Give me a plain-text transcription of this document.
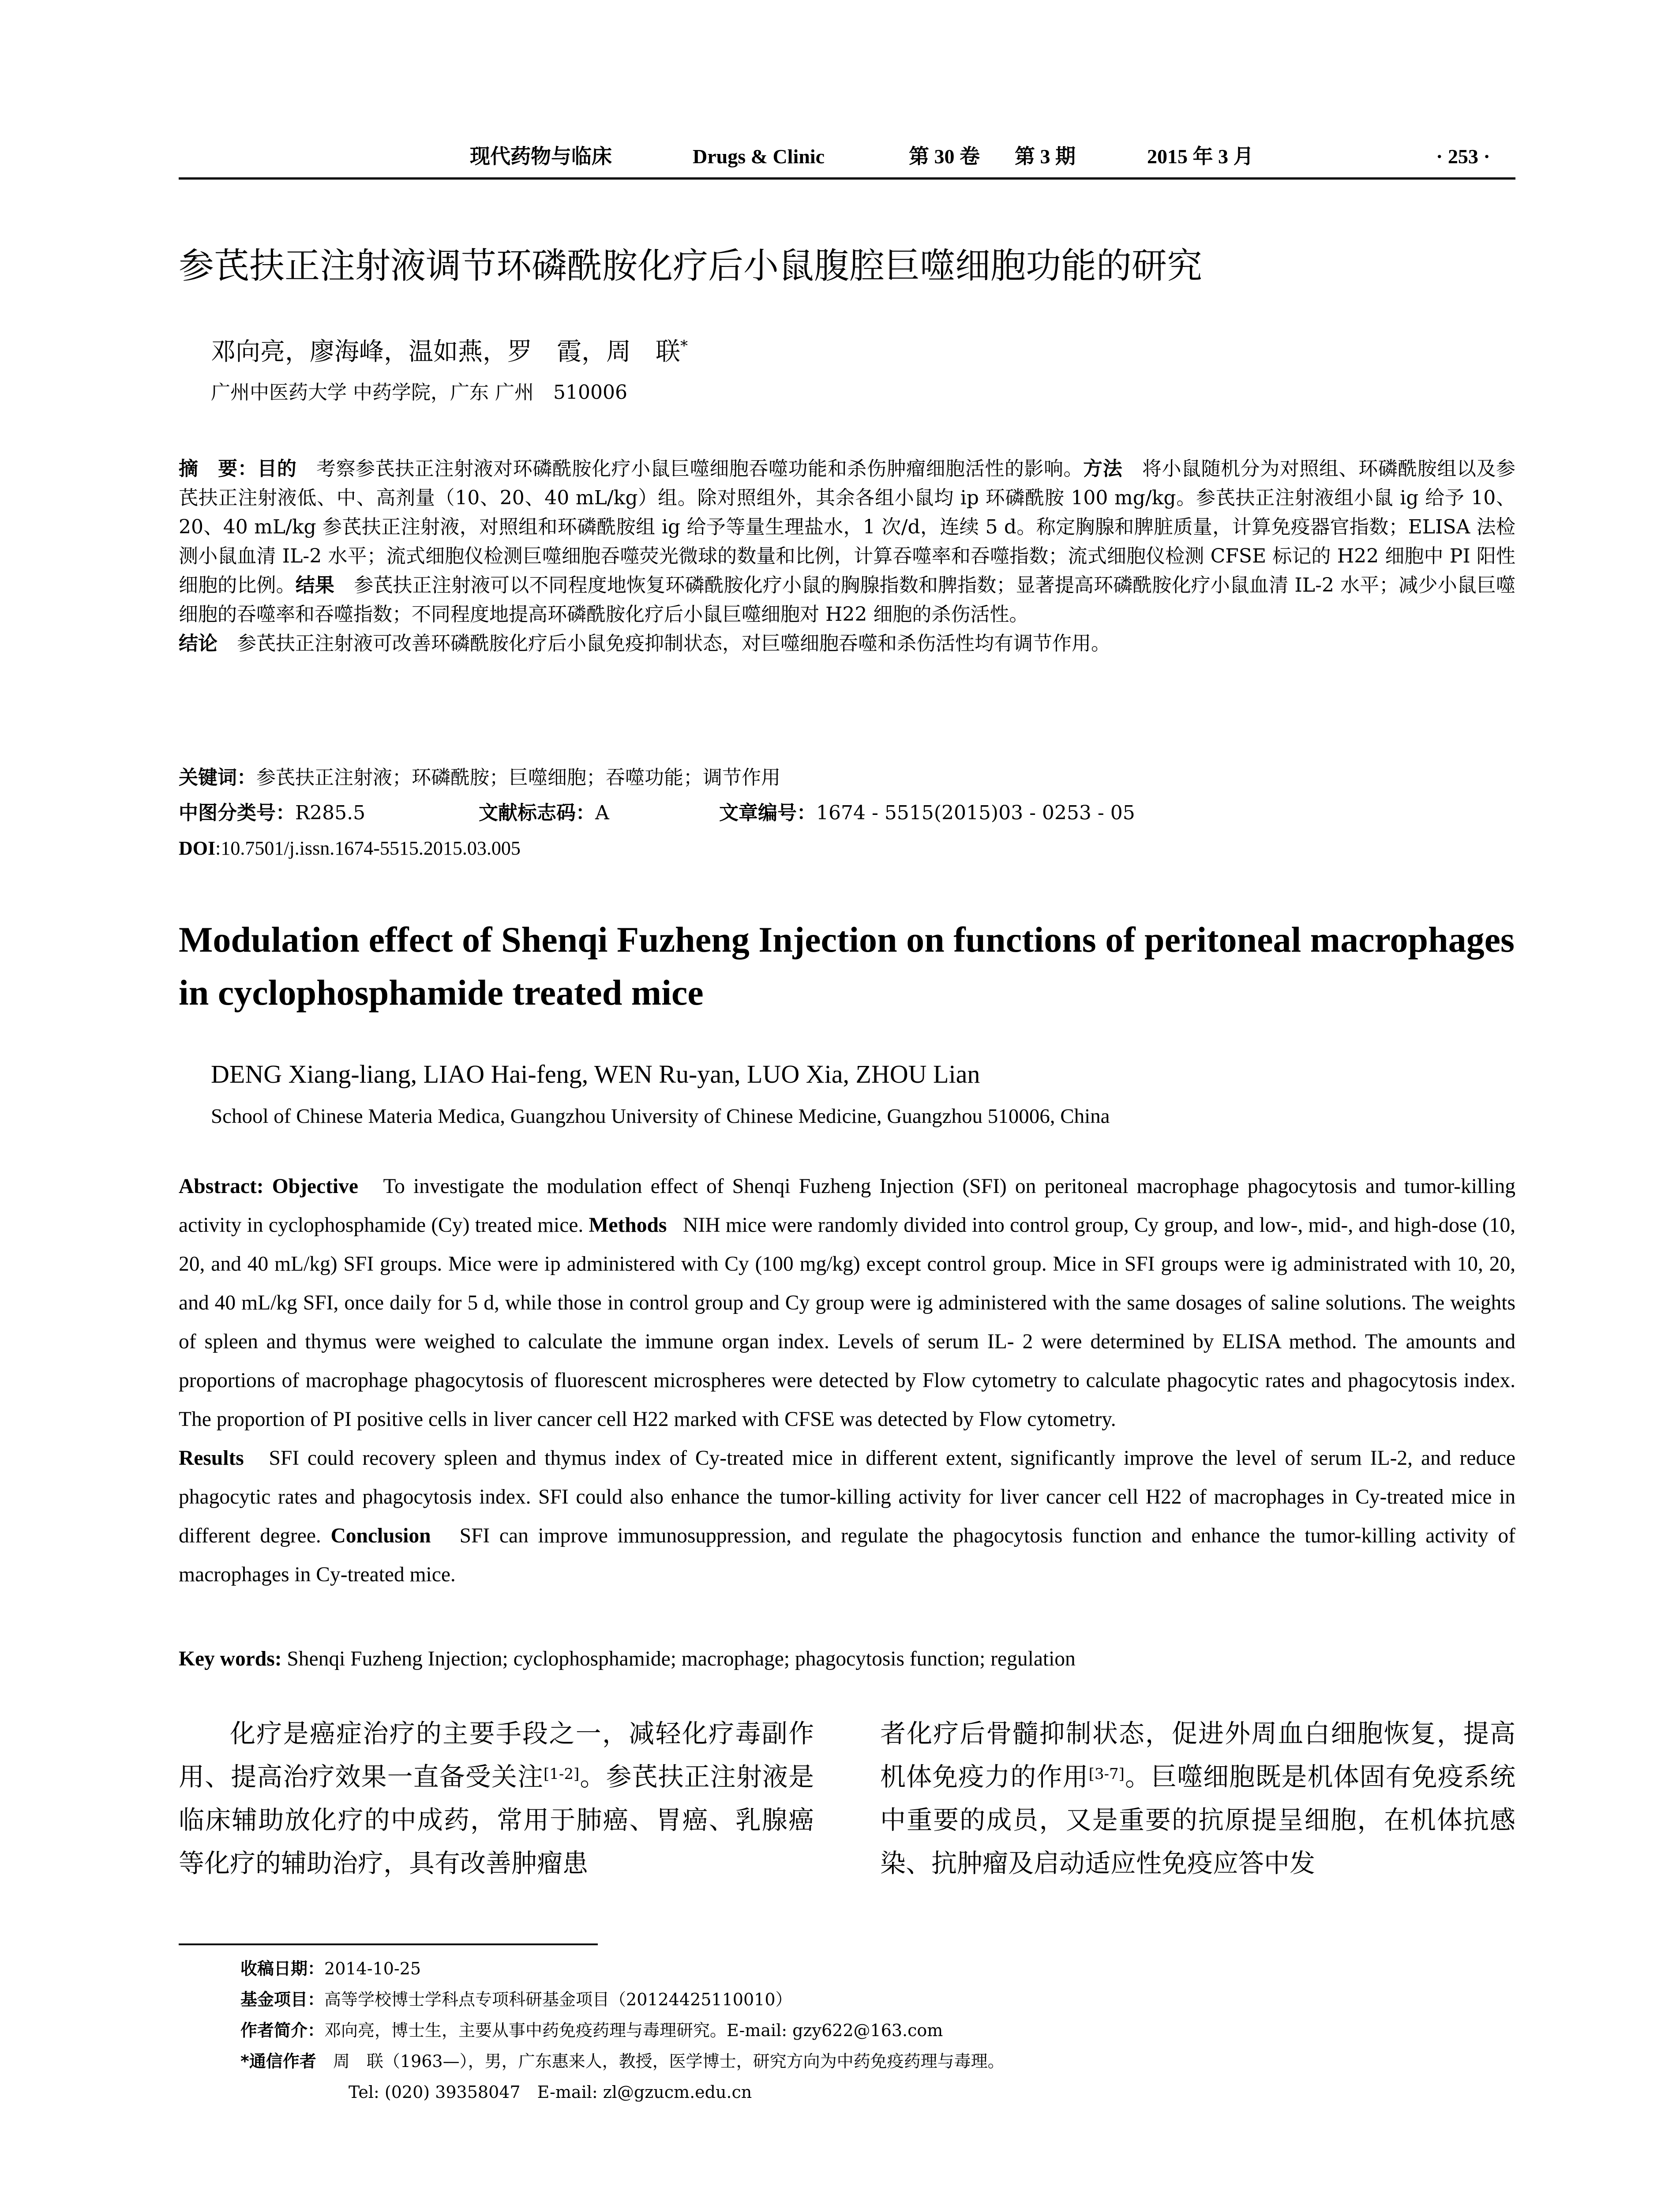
现代药物与临床	Drugs & Clinic	第 30 卷 第 3 期	2015 年 3 月	· 253 ·
参芪扶正注射液调节环磷酰胺化疗后小鼠腹腔巨噬细胞功能的研究
邓向亮，廖海峰，温如燕，罗　霞，周　联*
广州中医药大学 中药学院，广东 广州　510006
摘　要：目的　 考察参芪扶正注射液对环磷酰胺化疗小鼠巨噬细胞吞噬功能和杀伤肿瘤细胞活性的影响。方法　 将小鼠随机分为对照组、环磷酰胺组以及参芪扶正注射液低、中、高剂量（10、20、40 mL/kg）组。除对照组外，其余各组小鼠均 ip 环磷酰胺 100 mg/kg。参芪扶正注射液组小鼠 ig 给予 10、20、40 mL/kg 参芪扶正注射液，对照组和环磷酰胺组 ig 给予等量生理盐水，1 次/d，连续 5 d。称定胸腺和脾脏质量，计算免疫器官指数；ELISA 法检测小鼠血清 IL-2 水平；流式细胞仪检测巨噬细胞吞噬荧光微球的数量和比例，计算吞噬率和吞噬指数；流式细胞仪检测 CFSE 标记的 H22 细胞中 PI 阳性细胞的比例。结果　 参芪扶正注射液可以不同程度地恢复环磷酰胺化疗小鼠的胸腺指数和脾指数；显著提高环磷酰胺化疗小鼠血清 IL-2 水平；减少小鼠巨噬细胞的吞噬率和吞噬指数；不同程度地提高环磷酰胺化疗后小鼠巨噬细胞对 H22 细胞的杀伤活性。
结论　 参芪扶正注射液可改善环磷酰胺化疗后小鼠免疫抑制状态，对巨噬细胞吞噬和杀伤活性均有调节作用。
关键词：参芪扶正注射液；环磷酰胺；巨噬细胞；吞噬功能；调节作用
中图分类号：R285.5	文献标志码：A	文章编号：1674 - 5515(2015)03 - 0253 - 05
DOI:10.7501/j.issn.1674-5515.2015.03.005
Modulation effect of Shenqi Fuzheng Injection on functions of peritoneal macrophages in cyclophosphamide treated mice
DENG Xiang-liang, LIAO Hai-feng, WEN Ru-yan, LUO Xia, ZHOU Lian
School of Chinese Materia Medica, Guangzhou University of Chinese Medicine, Guangzhou 510006, China
Abstract: Objective To investigate the modulation effect of Shenqi Fuzheng Injection (SFI) on peritoneal macrophage phagocytosis and tumor-killing activity in cyclophosphamide (Cy) treated mice. Methods NIH mice were randomly divided into control group, Cy group, and low-, mid-, and high-dose (10, 20, and 40 mL/kg) SFI groups. Mice were ip administered with Cy (100 mg/kg) except control group. Mice in SFI groups were ig administrated with 10, 20, and 40 mL/kg SFI, once daily for 5 d, while those in control group and Cy group were ig administered with the same dosages of saline solutions. The weights of spleen and thymus were weighed to calculate the immune organ index. Levels of serum IL- 2 were determined by ELISA method. The amounts and proportions of macrophage phagocytosis of fluorescent microspheres were detected by Flow cytometry to calculate phagocytic rates and phagocytosis index. The proportion of PI positive cells in liver cancer cell H22 marked with CFSE was detected by Flow cytometry.
Results SFI could recovery spleen and thymus index of Cy-treated mice in different extent, significantly improve the level of serum IL-2, and reduce phagocytic rates and phagocytosis index. SFI could also enhance the tumor-killing activity for liver cancer cell H22 of macrophages in Cy-treated mice in different degree. Conclusion SFI can improve immunosuppression, and regulate the phagocytosis function and enhance the tumor-killing activity of macrophages in Cy-treated mice.
Key words: Shenqi Fuzheng Injection; cyclophosphamide; macrophage; phagocytosis function; regulation
化疗是癌症治疗的主要手段之一，减轻化疗毒副作用、提高治疗效果一直备受关注[1-2]。参芪扶正注射液是临床辅助放化疗的中成药，常用于肺癌、胃癌、乳腺癌等化疗的辅助治疗，具有改善肿瘤患
者化疗后骨髓抑制状态，促进外周血白细胞恢复，提高机体免疫力的作用[3-7]。巨噬细胞既是机体固有免疫系统中重要的成员，又是重要的抗原提呈细胞，在机体抗感染、抗肿瘤及启动适应性免疫应答中发
收稿日期：2014-10-25
基金项目：高等学校博士学科点专项科研基金项目（20124425110010）
作者简介：邓向亮，博士生，主要从事中药免疫药理与毒理研究。E-mail: gzy622@163.com
*通信作者　 周　联（1963—），男，广东惠来人，教授，医学博士，研究方向为中药免疫药理与毒理。
Tel: (020) 39358047　E-mail: zl@gzucm.edu.cn
